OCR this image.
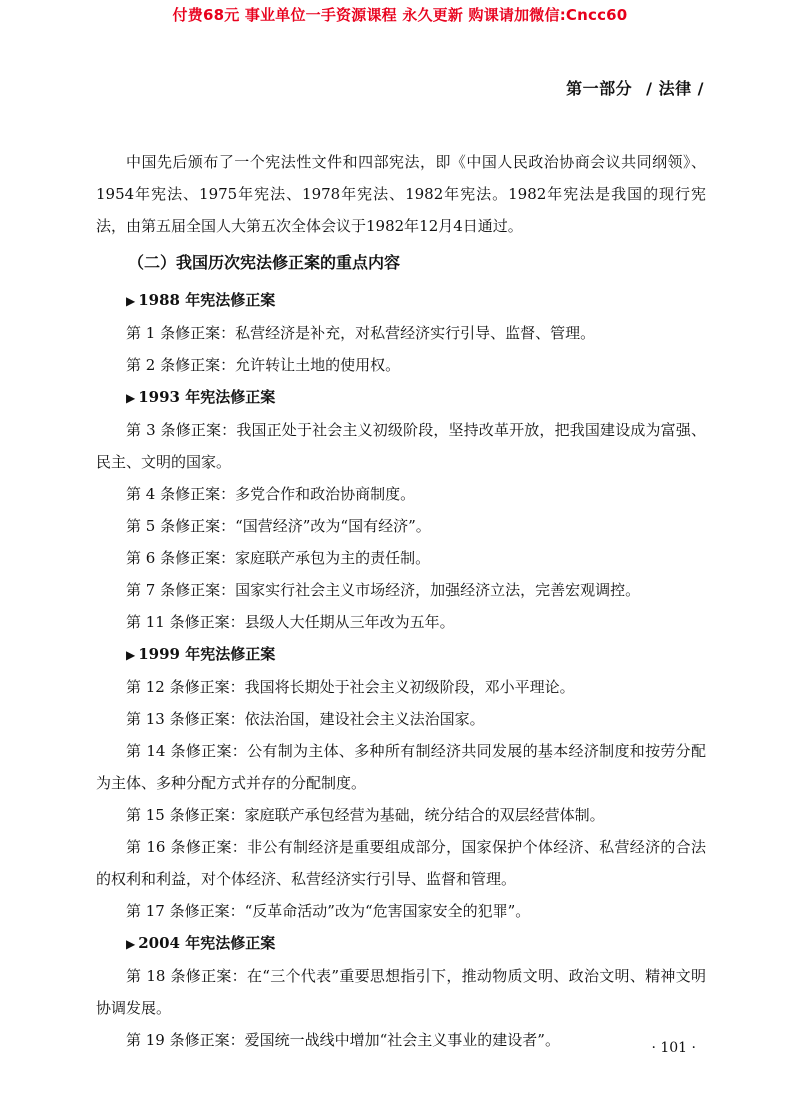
付费68元 事业单位一手资源课程 永久更新 购课请加微信:Cncc60
第一部分 / 法律 /

中国先后颁布了一个宪法性文件和四部宪法，即《中国人民政治协商会议共同纲领》、1954年宪法、1975年宪法、1978年宪法、1982年宪法。1982年宪法是我国的现行宪法，由第五届全国人大第五次全体会议于1982年12月4日通过。

（二）我国历次宪法修正案的重点内容

▶ 1988 年宪法修正案

第 1 条修正案：私营经济是补充，对私营经济实行引导、监督、管理。

第 2 条修正案：允许转让土地的使用权。

▶ 1993 年宪法修正案

第 3 条修正案：我国正处于社会主义初级阶段，坚持改革开放，把我国建设成为富强、民主、文明的国家。

第 4 条修正案：多党合作和政治协商制度。

第 5 条修正案：“国营经济”改为“国有经济”。

第 6 条修正案：家庭联产承包为主的责任制。

第 7 条修正案：国家实行社会主义市场经济，加强经济立法，完善宏观调控。

第 11 条修正案：县级人大任期从三年改为五年。

▶ 1999 年宪法修正案

第 12 条修正案：我国将长期处于社会主义初级阶段，邓小平理论。

第 13 条修正案：依法治国，建设社会主义法治国家。

第 14 条修正案：公有制为主体、多种所有制经济共同发展的基本经济制度和按劳分配为主体、多种分配方式并存的分配制度。

第 15 条修正案：家庭联产承包经营为基础，统分结合的双层经营体制。

第 16 条修正案：非公有制经济是重要组成部分，国家保护个体经济、私营经济的合法的权利和利益，对个体经济、私营经济实行引导、监督和管理。

第 17 条修正案：“反革命活动”改为“危害国家安全的犯罪”。

▶ 2004 年宪法修正案

第 18 条修正案：在“三个代表”重要思想指引下，推动物质文明、政治文明、精神文明协调发展。

第 19 条修正案：爱国统一战线中增加“社会主义事业的建设者”。	· 101 ·
